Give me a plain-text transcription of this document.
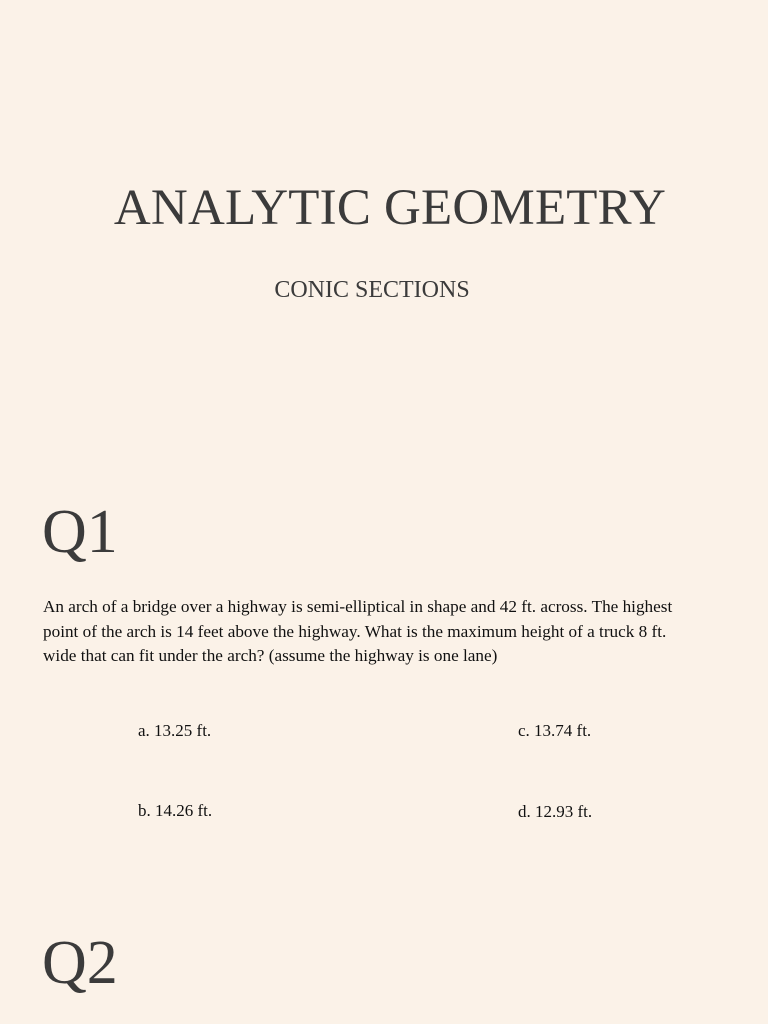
ANALYTIC GEOMETRY
CONIC SECTIONS
Q1
An arch of a bridge over a highway is semi-elliptical in shape and 42 ft. across. The highest
point of the arch is 14 feet above the highway. What is the maximum height of a truck 8 ft.
wide that can fit under the arch? (assume the highway is one lane)
a. 13.25 ft.	c. 13.74 ft.
b. 14.26 ft.	d. 12.93 ft.
Q2
